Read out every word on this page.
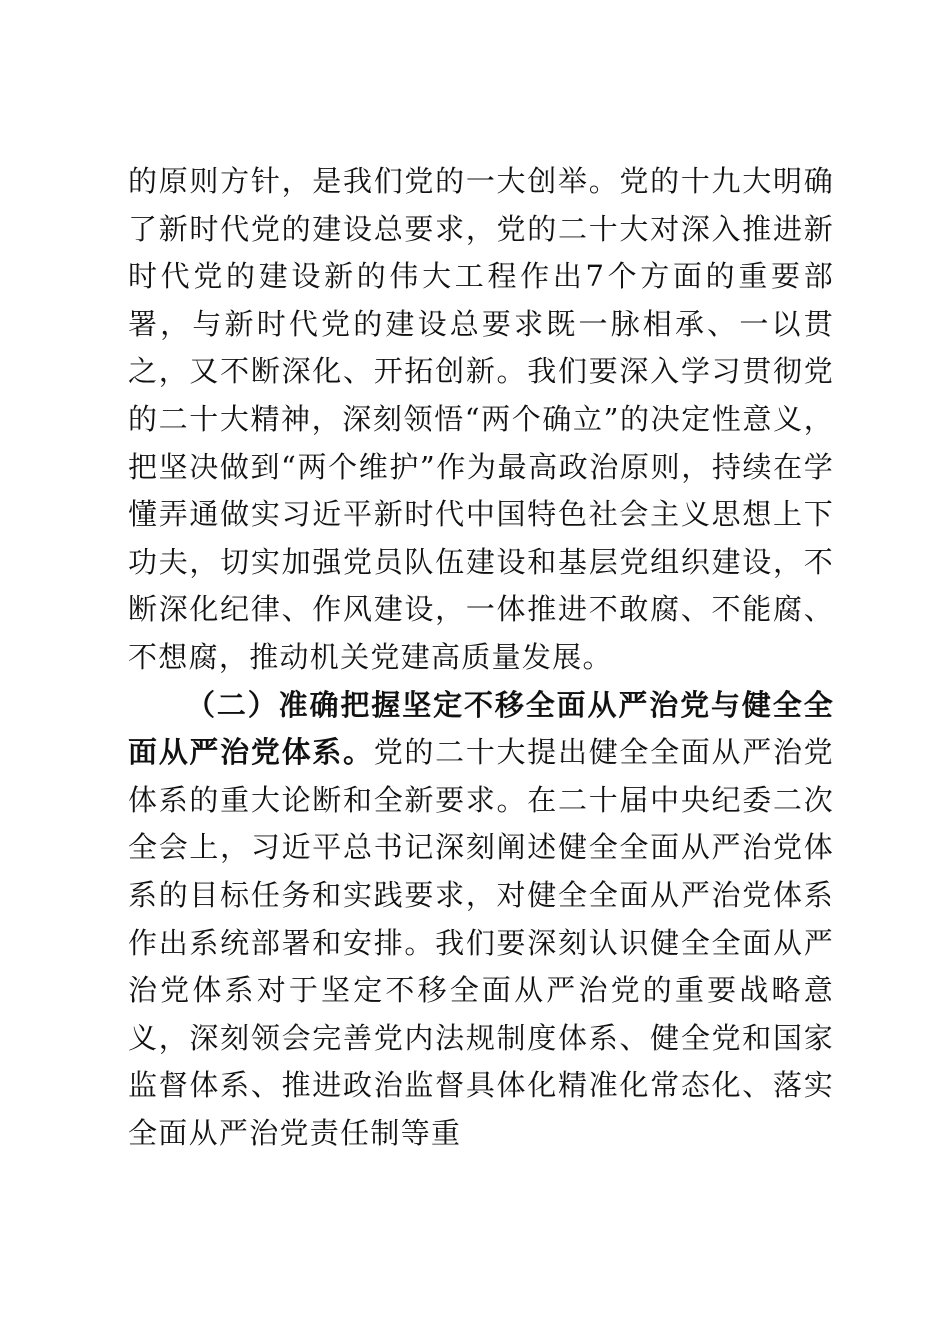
的原则方针，是我们党的一大创举。党的十九大明确了新时代党的建设总要求，党的二十大对深入推进新时代党的建设新的伟大工程作出7个方面的重要部署，与新时代党的建设总要求既一脉相承、一以贯之，又不断深化、开拓创新。我们要深入学习贯彻党的二十大精神，深刻领悟“两个确立”的决定性意义，把坚决做到“两个维护”作为最高政治原则，持续在学懂弄通做实习近平新时代中国特色社会主义思想上下功夫，切实加强党员队伍建设和基层党组织建设，不断深化纪律、作风建设，一体推进不敢腐、不能腐、不想腐，推动机关党建高质量发展。

（二）准确把握坚定不移全面从严治党与健全全面从严治党体系。党的二十大提出健全全面从严治党体系的重大论断和全新要求。在二十届中央纪委二次全会上，习近平总书记深刻阐述健全全面从严治党体系的目标任务和实践要求，对健全全面从严治党体系作出系统部署和安排。我们要深刻认识健全全面从严治党体系对于坚定不移全面从严治党的重要战略意义，深刻领会完善党内法规制度体系、健全党和国家监督体系、推进政治监督具体化精准化常态化、落实全面从严治党责任制等重
